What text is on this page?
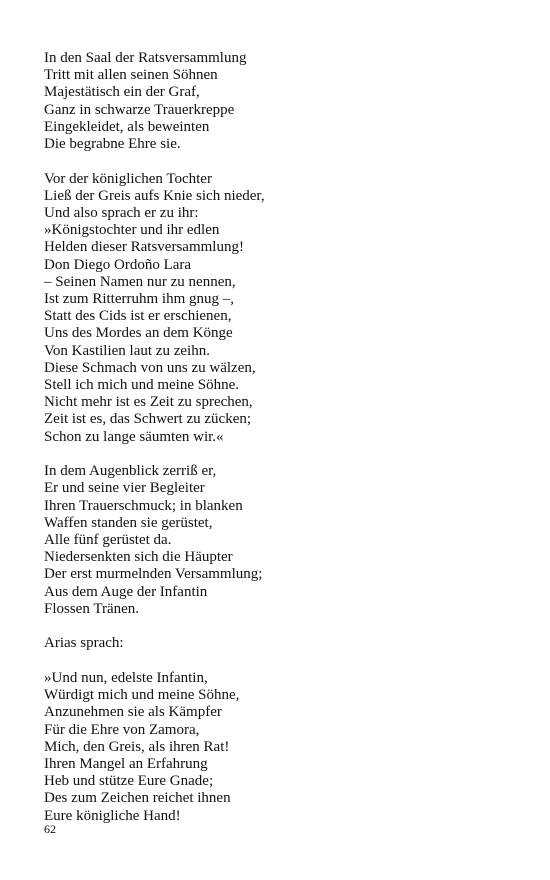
In den Saal der Ratsversammlung
Tritt mit allen seinen Söhnen
Majestätisch ein der Graf,
Ganz in schwarze Trauerkreppe
Eingekleidet, als beweinten
Die begrabne Ehre sie.
Vor der königlichen Tochter
Ließ der Greis aufs Knie sich nieder,
Und also sprach er zu ihr:
»Königstochter und ihr edlen
Helden dieser Ratsversammlung!
Don Diego Ordoño Lara
– Seinen Namen nur zu nennen,
Ist zum Ritterruhm ihm gnug –,
Statt des Cids ist er erschienen,
Uns des Mordes an dem Könge
Von Kastilien laut zu zeihn.
Diese Schmach von uns zu wälzen,
Stell ich mich und meine Söhne.
Nicht mehr ist es Zeit zu sprechen,
Zeit ist es, das Schwert zu zücken;
Schon zu lange säumten wir.«
In dem Augenblick zerriß er,
Er und seine vier Begleiter
Ihren Trauerschmuck; in blanken
Waffen standen sie gerüstet,
Alle fünf gerüstet da.
Niedersenkten sich die Häupter
Der erst murmelnden Versammlung;
Aus dem Auge der Infantin
Flossen Tränen.
Arias sprach:
»Und nun, edelste Infantin,
Würdigt mich und meine Söhne,
Anzunehmen sie als Kämpfer
Für die Ehre von Zamora,
Mich, den Greis, als ihren Rat!
Ihren Mangel an Erfahrung
Heb und stütze Eure Gnade;
Des zum Zeichen reichet ihnen
Eure königliche Hand!
62
